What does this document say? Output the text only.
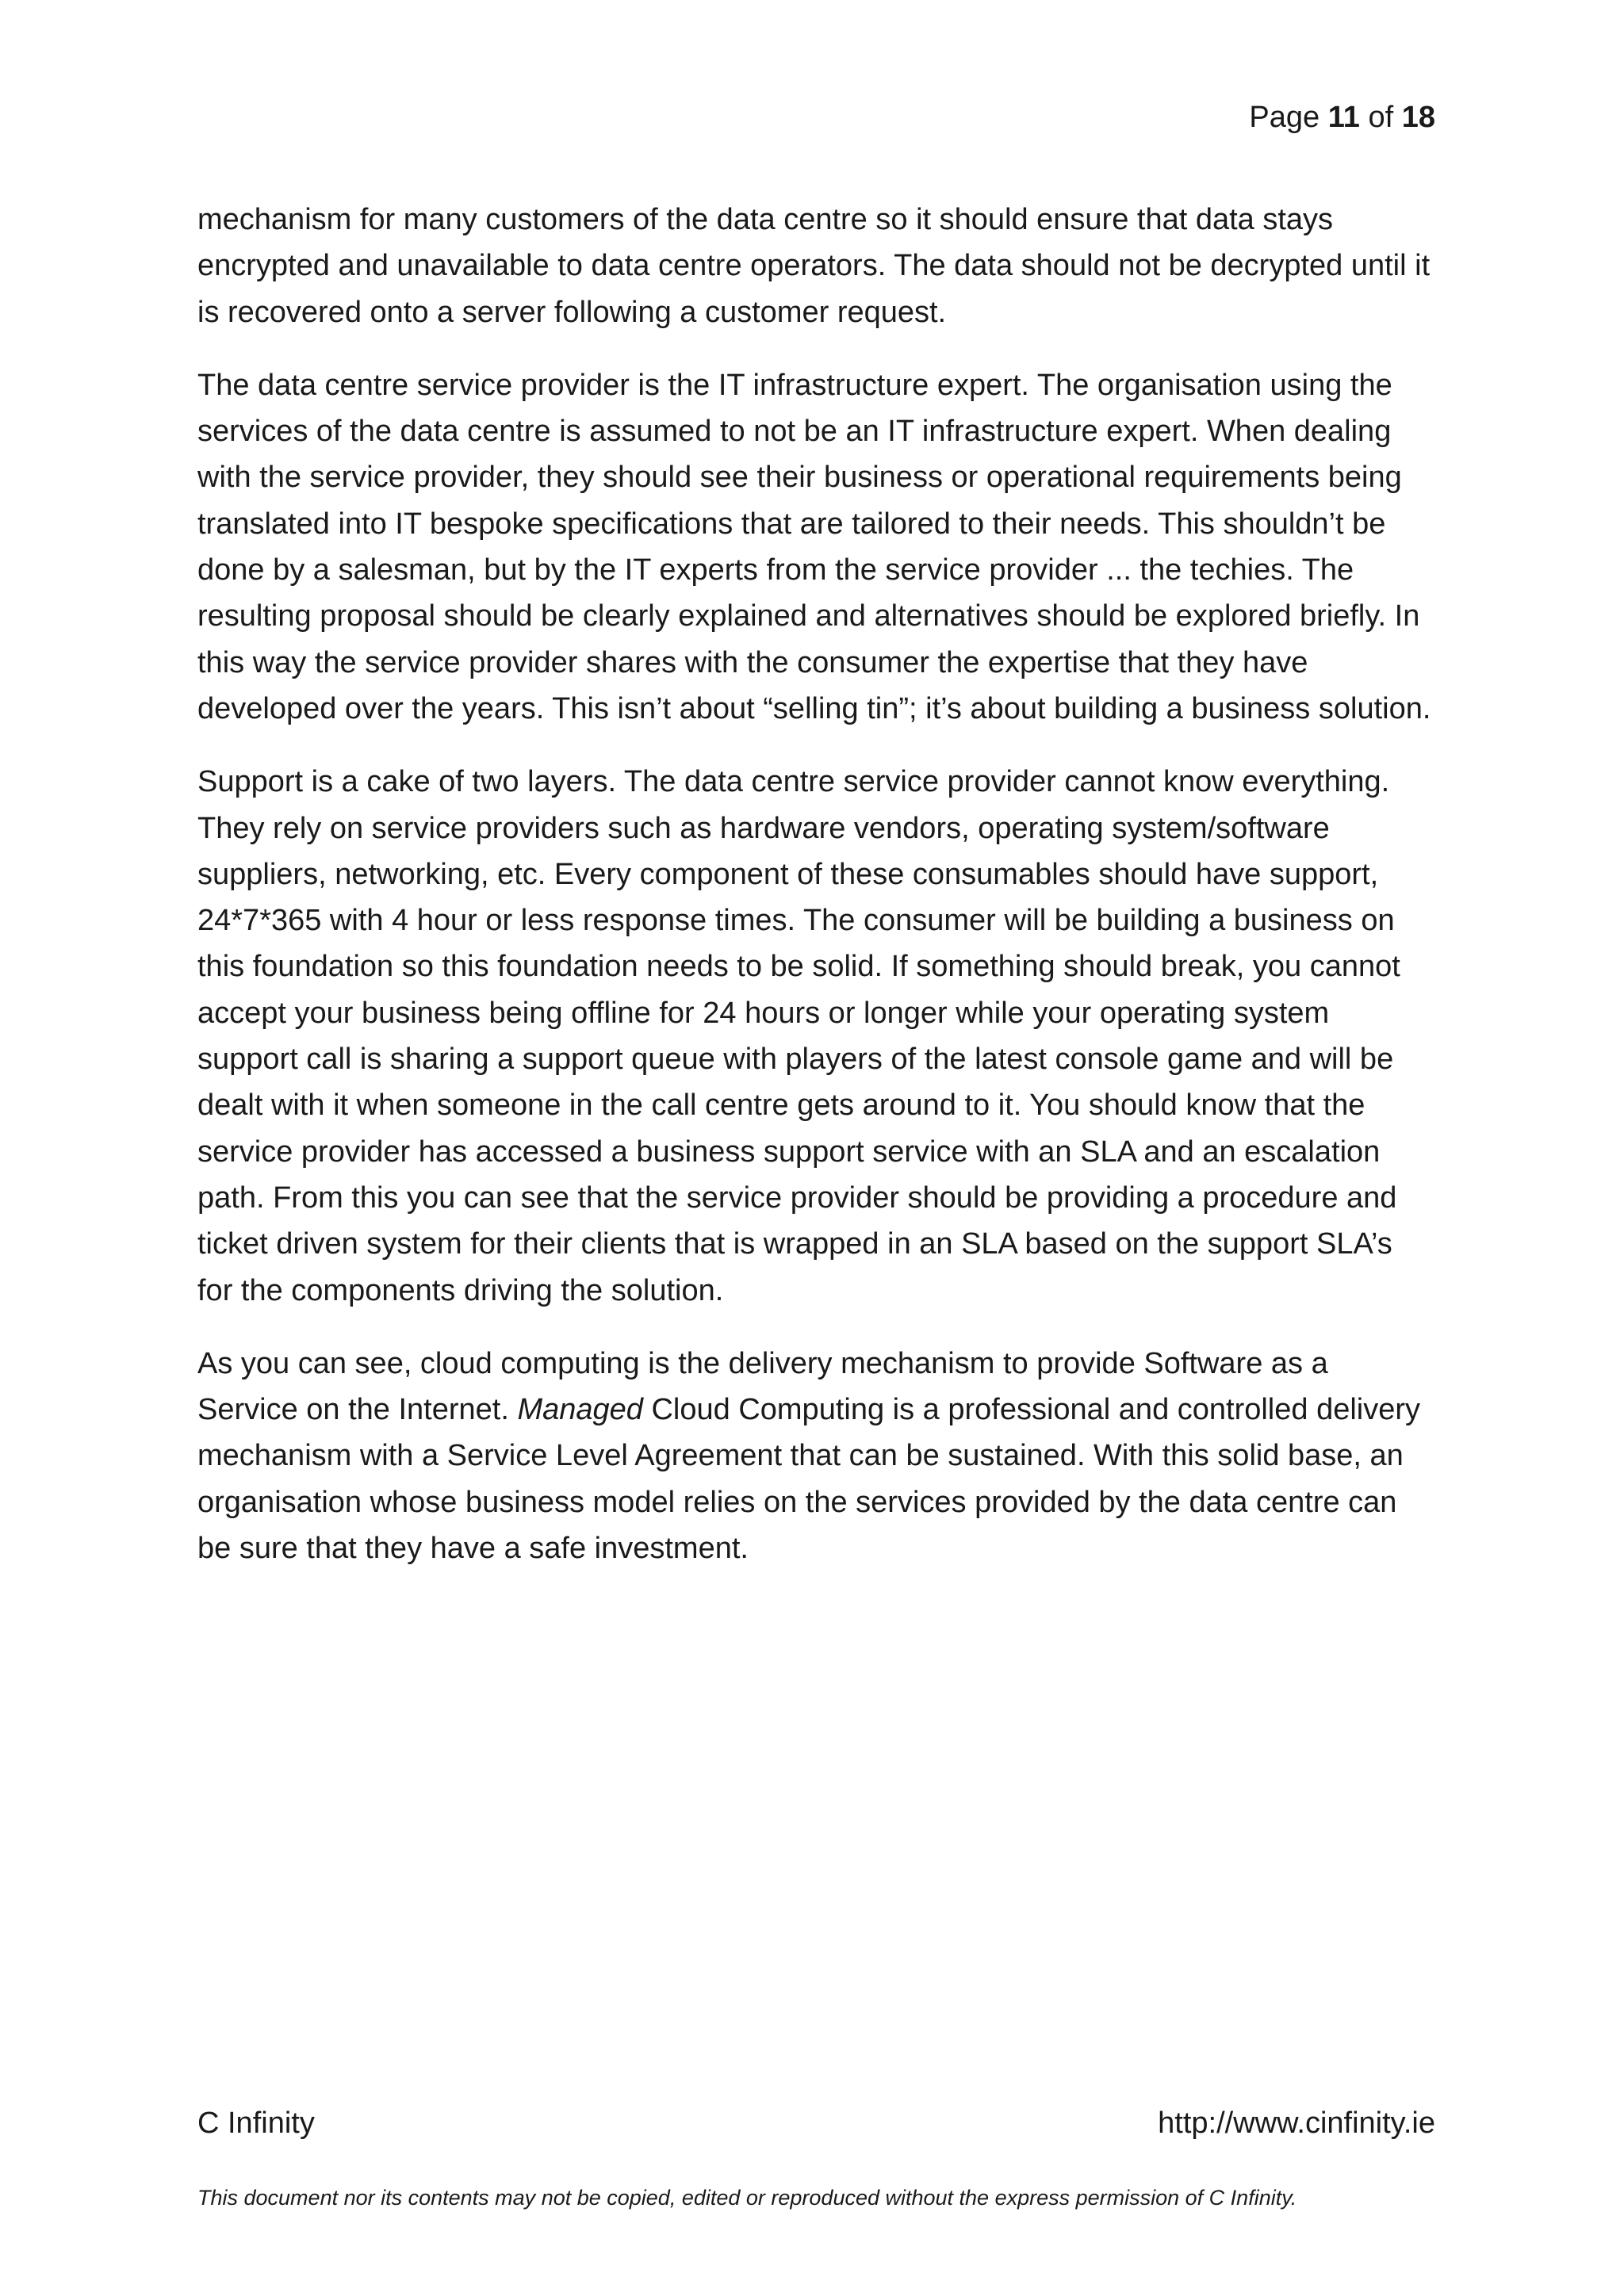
Page 11 of 18

mechanism for many customers of the data centre so it should ensure that data stays encrypted and unavailable to data centre operators. The data should not be decrypted until it is recovered onto a server following a customer request.

The data centre service provider is the IT infrastructure expert. The organisation using the services of the data centre is assumed to not be an IT infrastructure expert. When dealing with the service provider, they should see their business or operational requirements being translated into IT bespoke specifications that are tailored to their needs. This shouldn’t be done by a salesman, but by the IT experts from the service provider ... the techies. The resulting proposal should be clearly explained and alternatives should be explored briefly. In this way the service provider shares with the consumer the expertise that they have developed over the years. This isn’t about “selling tin”; it’s about building a business solution.

Support is a cake of two layers. The data centre service provider cannot know everything. They rely on service providers such as hardware vendors, operating system/software suppliers, networking, etc. Every component of these consumables should have support, 24*7*365 with 4 hour or less response times. The consumer will be building a business on this foundation so this foundation needs to be solid. If something should break, you cannot accept your business being offline for 24 hours or longer while your operating system support call is sharing a support queue with players of the latest console game and will be dealt with it when someone in the call centre gets around to it. You should know that the service provider has accessed a business support service with an SLA and an escalation path. From this you can see that the service provider should be providing a procedure and ticket driven system for their clients that is wrapped in an SLA based on the support SLA’s for the components driving the solution.

As you can see, cloud computing is the delivery mechanism to provide Software as a Service on the Internet. Managed Cloud Computing is a professional and controlled delivery mechanism with a Service Level Agreement that can be sustained. With this solid base, an organisation whose business model relies on the services provided by the data centre can be sure that they have a safe investment.

C Infinity	http://www.cinfinity.ie
This document nor its contents may not be copied, edited or reproduced without the express permission of C Infinity.
